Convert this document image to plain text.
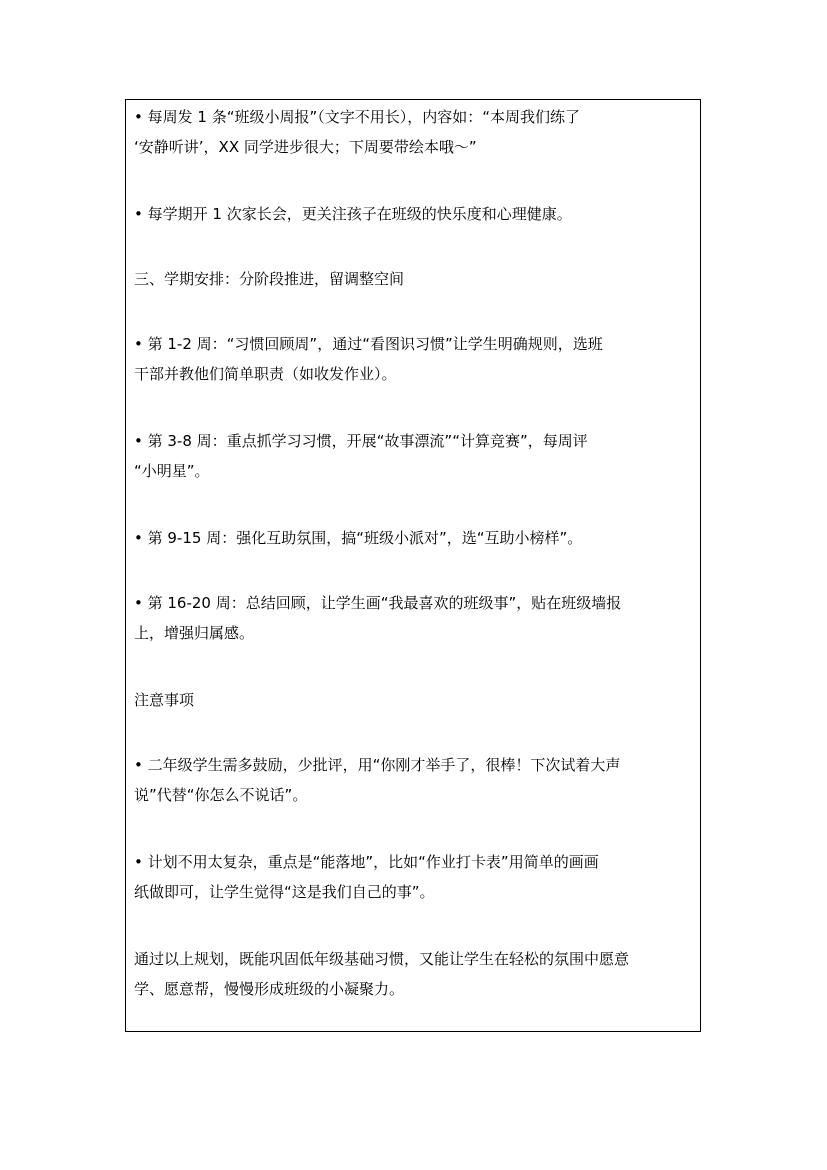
• 每周发 1 条“班级小周报”（文字不用长），内容如：“本周我们练了
‘安静听讲’，XX 同学进步很大；下周要带绘本哦～”
• 每学期开 1 次家长会，更关注孩子在班级的快乐度和心理健康。
三、学期安排：分阶段推进，留调整空间
• 第 1-2 周：“习惯回顾周”，通过“看图识习惯”让学生明确规则，选班
干部并教他们简单职责（如收发作业）。
• 第 3-8 周：重点抓学习习惯，开展“故事漂流”“计算竞赛”，每周评
“小明星”。
• 第 9-15 周：强化互助氛围，搞“班级小派对”，选“互助小榜样”。
• 第 16-20 周：总结回顾，让学生画“我最喜欢的班级事”，贴在班级墙报
上，增强归属感。
注意事项
• 二年级学生需多鼓励，少批评，用“你刚才举手了，很棒！下次试着大声
说”代替“你怎么不说话”。
• 计划不用太复杂，重点是“能落地”，比如“作业打卡表”用简单的画画
纸做即可，让学生觉得“这是我们自己的事”。
通过以上规划，既能巩固低年级基础习惯，又能让学生在轻松的氛围中愿意
学、愿意帮，慢慢形成班级的小凝聚力。
